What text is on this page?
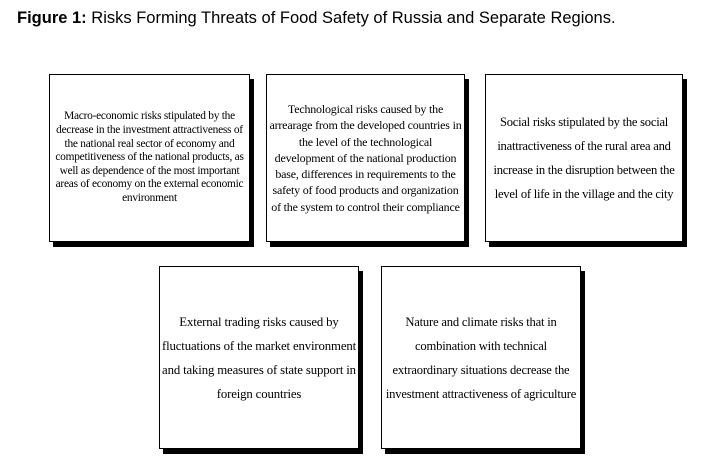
Figure 1: Risks Forming Threats of Food Safety of Russia and Separate Regions.
Macro-economic risks stipulated by the decrease in the investment attractiveness of the national real sector of economy and competitiveness of the national products, as well as dependence of the most important areas of economy on the external economic environment
Technological risks caused by the arrearage from the developed countries in the level of the technological development of the national production base, differences in requirements to the safety of food products and organization of the system to control their compliance
Social risks stipulated by the social inattractiveness of the rural area and increase in the disruption between the level of life in the village and the city
External trading risks caused by fluctuations of the market environment and taking measures of state support in foreign countries
Nature and climate risks that in combination with technical extraordinary situations decrease the investment attractiveness of agriculture
